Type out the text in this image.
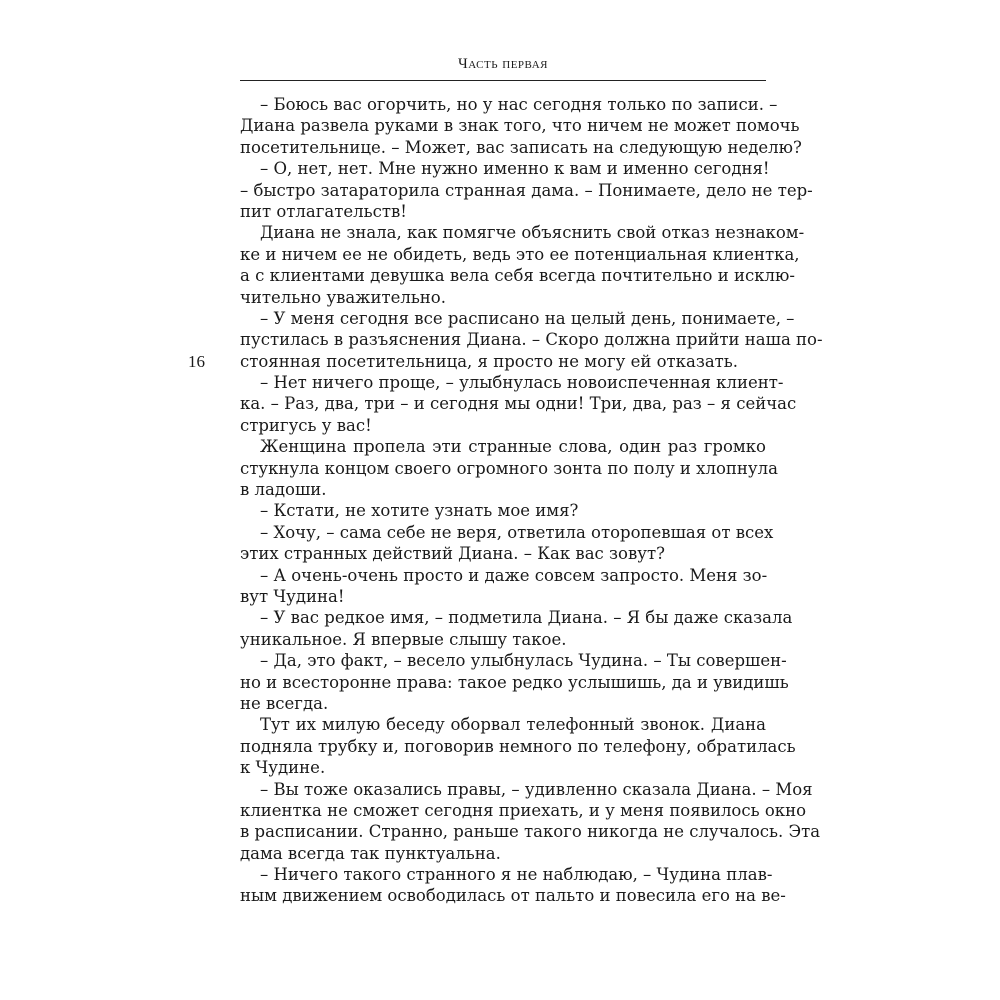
Часть первая
16
– Боюсь вас огорчить, но у нас сегодня только по записи. –
Диана развела руками в знак того, что ничем не может помочь
посетительнице. – Может, вас записать на следующую неделю?
– О, нет, нет. Мне нужно именно к вам и именно сегодня!
– быстро затараторила странная дама. – Понимаете, дело не тер-
пит отлагательств!
Диана не знала, как помягче объяснить свой отказ незнаком-
ке и ничем ее не обидеть, ведь это ее потенциальная клиентка,
а с клиентами девушка вела себя всегда почтительно и исклю-
чительно уважительно.
– У меня сегодня все расписано на целый день, понимаете, –
пустилась в разъяснения Диана. – Скоро должна прийти наша по-
стоянная посетительница, я просто не могу ей отказать.
– Нет ничего проще, – улыбнулась новоиспеченная клиент-
ка. – Раз, два, три – и сегодня мы одни! Три, два, раз – я сейчас
стригусь у вас!
Женщина пропела эти странные слова, один раз громко
стукнула концом своего огромного зонта по полу и хлопнула
в ладоши.
– Кстати, не хотите узнать мое имя?
– Хочу, – сама себе не веря, ответила оторопевшая от всех
этих странных действий Диана. – Как вас зовут?
– А очень-очень просто и даже совсем запросто. Меня зо-
вут Чудина!
– У вас редкое имя, – подметила Диана. – Я бы даже сказала
уникальное. Я впервые слышу такое.
– Да, это факт, – весело улыбнулась Чудина. – Ты совершен-
но и всесторонне права: такое редко услышишь, да и увидишь
не всегда.
Тут их милую беседу оборвал телефонный звонок. Диана
подняла трубку и, поговорив немного по телефону, обратилась
к Чудине.
– Вы тоже оказались правы, – удивленно сказала Диана. – Моя
клиентка не сможет сегодня приехать, и у меня появилось окно
в расписании. Странно, раньше такого никогда не случалось. Эта
дама всегда так пунктуальна.
– Ничего такого странного я не наблюдаю, – Чудина плав-
ным движением освободилась от пальто и повесила его на ве-
